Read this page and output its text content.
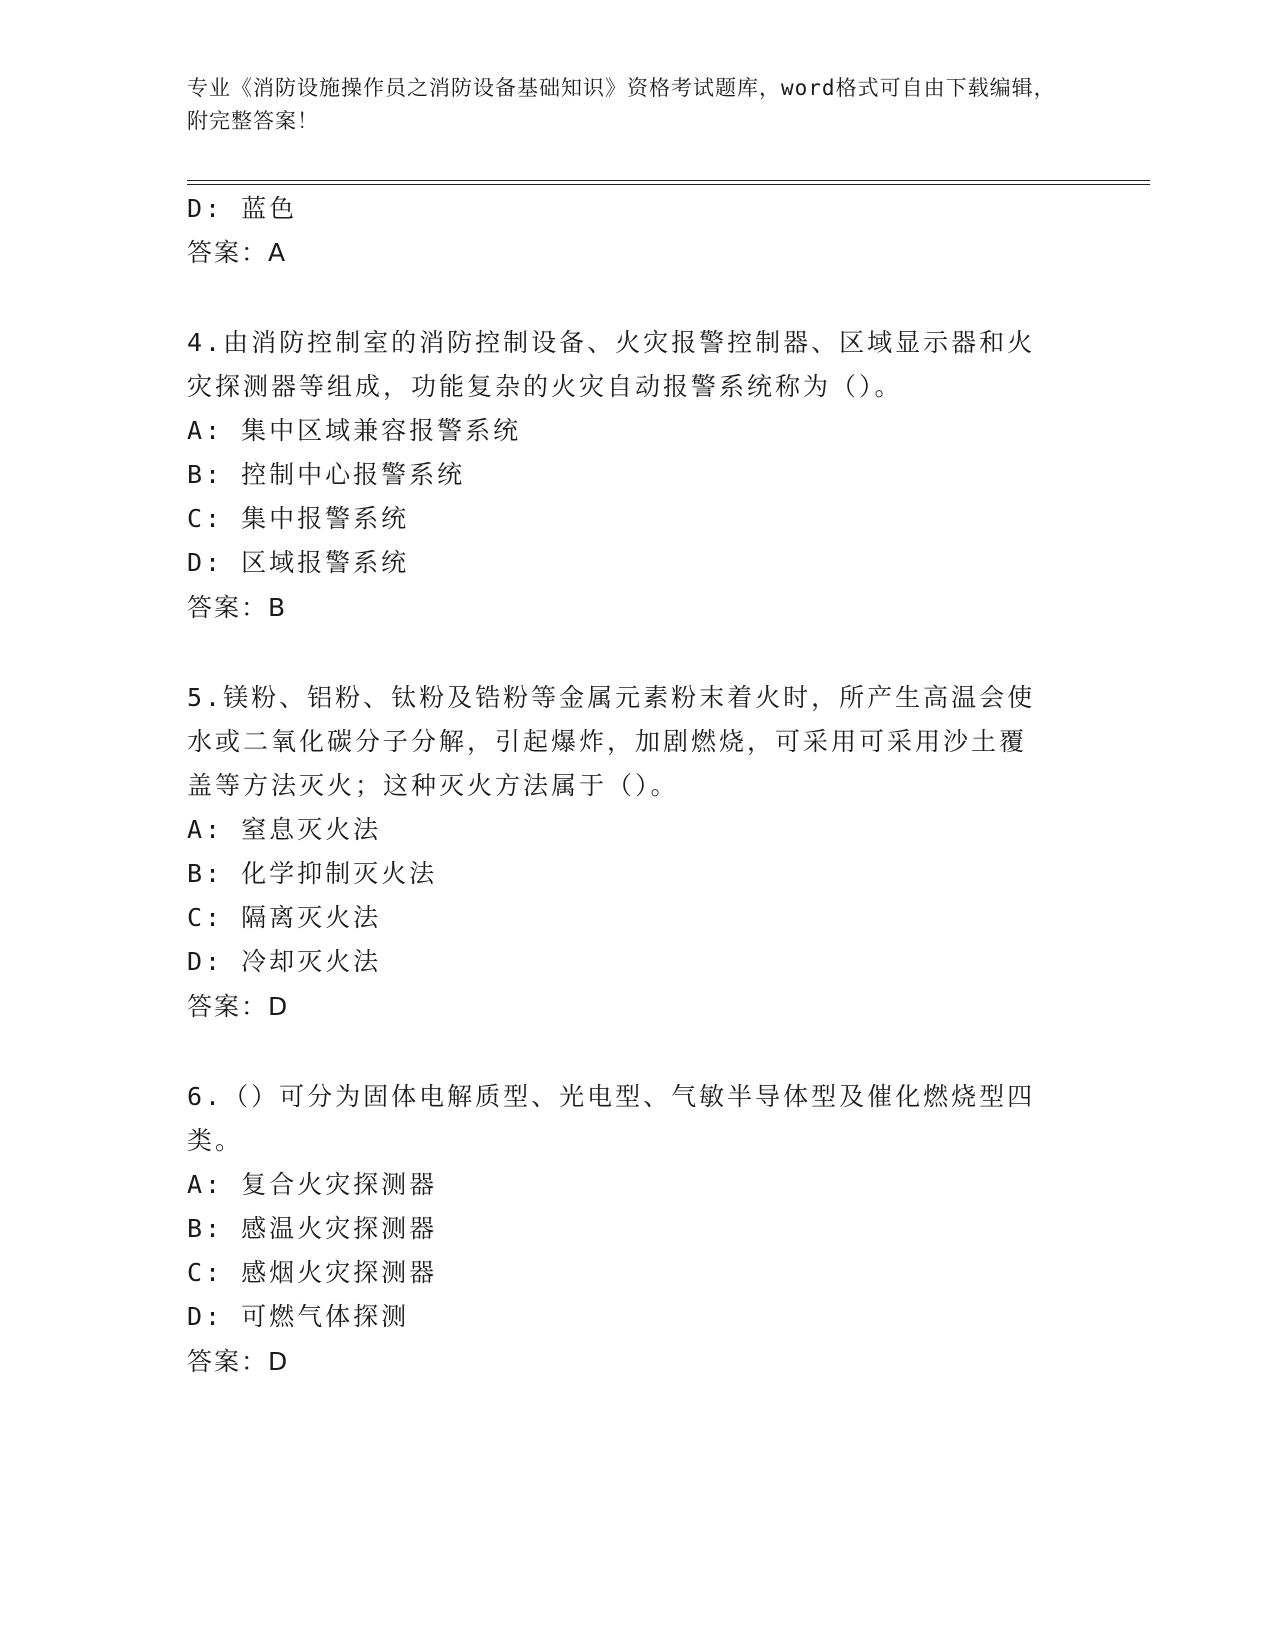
专业《消防设施操作员之消防设备基础知识》资格考试题库，word格式可自由下载编辑，附完整答案！

D: 蓝色

答案：A

4.由消防控制室的消防控制设备、火灾报警控制器、区域显示器和火

灾探测器等组成，功能复杂的火灾自动报警系统称为（）。

A: 集中区域兼容报警系统

B: 控制中心报警系统

C: 集中报警系统

D: 区域报警系统

答案：B

5.镁粉、铝粉、钛粉及锆粉等金属元素粉末着火时，所产生高温会使

水或二氧化碳分子分解，引起爆炸，加剧燃烧，可采用可采用沙土覆

盖等方法灭火；这种灭火方法属于（）。

A: 窒息灭火法

B: 化学抑制灭火法

C: 隔离灭火法

D: 冷却灭火法

答案：D

6.（）可分为固体电解质型、光电型、气敏半导体型及催化燃烧型四

类。

A: 复合火灾探测器

B: 感温火灾探测器

C: 感烟火灾探测器

D: 可燃气体探测

答案：D
